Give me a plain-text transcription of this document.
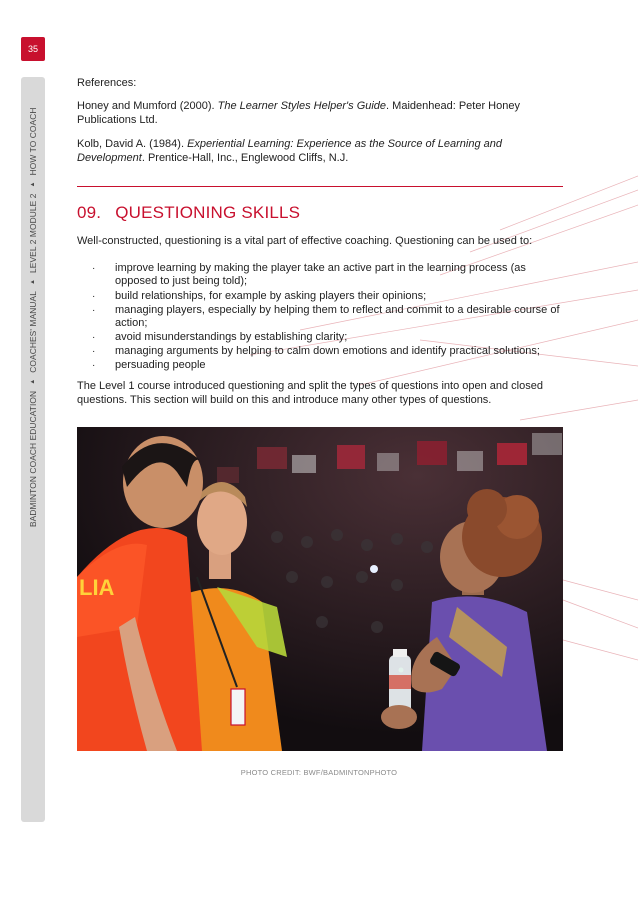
35
BADMINTON COACH EDUCATION
▲
COACHES' MANUAL
▲
LEVEL 2 MODULE 2
▲
HOW TO COACH

References:

Honey and Mumford (2000). The Learner Styles Helper's Guide. Maidenhead: Peter Honey Publications Ltd.

Kolb, David A. (1984). Experiential Learning: Experience as the Source of Learning and Development. Prentice-Hall, Inc., Englewood Cliffs, N.J.

09. QUESTIONING SKILLS

Well-constructed, questioning is a vital part of effective coaching. Questioning can be used to:

· improve learning by making the player take an active part in the learning process (as opposed to just being told);
· build relationships, for example by asking players their opinions;
· managing players, especially by helping them to reflect and commit to a desirable course of action;
· avoid misunderstandings by establishing clarity;
· managing arguments by helping to calm down emotions and identify practical solutions;
· persuading people

The Level 1 course introduced questioning and split the types of questions into open and closed questions. This section will build on this and introduce many other types of questions.

LIA
PHOTO CREDIT: BWF/BADMINTONPHOTO
